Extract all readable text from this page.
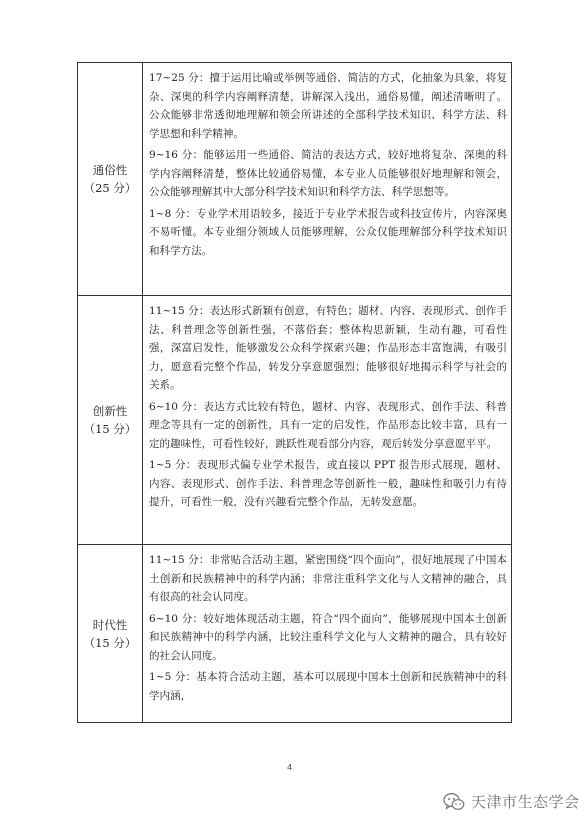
通俗性
（25 分）

17~25 分：擅于运用比喻或举例等通俗、简洁的方式，化抽象为具象，将复杂、深奥的科学内容阐释清楚，讲解深入浅出，通俗易懂，阐述清晰明了。公众能够非常透彻地理解和领会所讲述的全部科学技术知识、科学方法、科学思想和科学精神。

9~16 分：能够运用一些通俗、简洁的表达方式，较好地将复杂、深奥的科学内容阐释清楚，整体比较通俗易懂，本专业人员能够很好地理解和领会，公众能够理解其中大部分科学技术知识和科学方法、科学思想等。

1~8 分：专业学术用语较多，接近于专业学术报告或科技宣传片，内容深奥不易听懂。本专业细分领域人员能够理解，公众仅能理解部分科学技术知识和科学方法。

创新性
（15 分）

11~15 分：表达形式新颖有创意，有特色；题材、内容、表现形式、创作手法、科普理念等创新性强，不落俗套；整体构思新颖，生动有趣，可看性强，深富启发性，能够激发公众科学探索兴趣；作品形态丰富饱满，有吸引力，愿意看完整个作品，转发分享意愿强烈；能够很好地揭示科学与社会的关系。

6~10 分：表达方式比较有特色，题材、内容、表现形式、创作手法、科普理念等具有一定的创新性，具有一定的启发性，作品形态比较丰富，具有一定的趣味性，可看性较好，跳跃性观看部分内容，观后转发分享意愿平平。

1~5 分：表现形式偏专业学术报告，或直接以 PPT 报告形式展现，题材、内容、表现形式、创作手法、科普理念等创新性一般，趣味性和吸引力有待提升，可看性一般，没有兴趣看完整个作品，无转发意愿。

时代性
（15 分）

11~15 分：非常贴合活动主题，紧密围绕“四个面向”，很好地展现了中国本土创新和民族精神中的科学内涵；非常注重科学文化与人文精神的融合，具有很高的社会认同度。

6~10 分：较好地体现活动主题，符合“四个面向”，能够展现中国本土创新和民族精神中的科学内涵，比较注重科学文化与人文精神的融合，具有较好的社会认同度。

1~5 分：基本符合活动主题，基本可以展现中国本土创新和民族精神中的科学内涵，

4
天津市生态学会
